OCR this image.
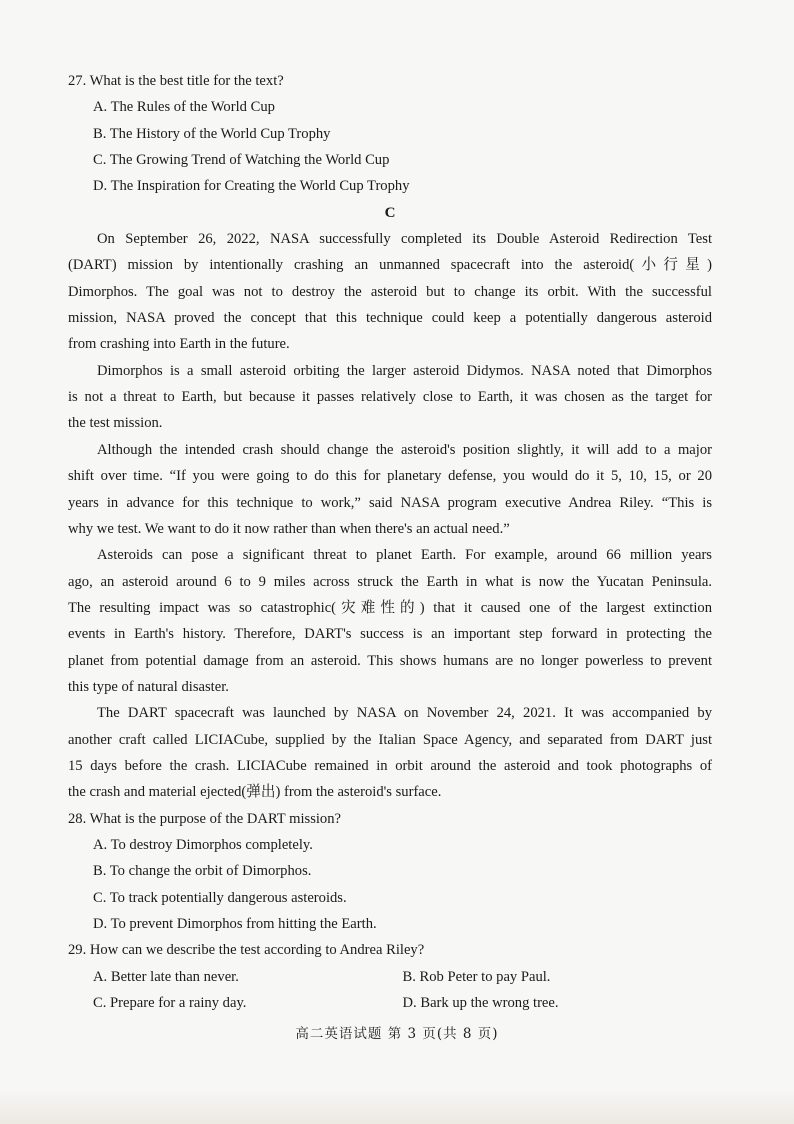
27. What is the best title for the text?
A. The Rules of the World Cup
B. The History of the World Cup Trophy
C. The Growing Trend of Watching the World Cup
D. The Inspiration for Creating the World Cup Trophy
C
On September 26, 2022, NASA successfully completed its Double Asteroid Redirection Test
(DART) mission by intentionally crashing an unmanned spacecraft into the asteroid(小行星)
Dimorphos. The goal was not to destroy the asteroid but to change its orbit. With the successful
mission, NASA proved the concept that this technique could keep a potentially dangerous asteroid
from crashing into Earth in the future.
Dimorphos is a small asteroid orbiting the larger asteroid Didymos. NASA noted that Dimorphos
is not a threat to Earth, but because it passes relatively close to Earth, it was chosen as the target for
the test mission.
Although the intended crash should change the asteroid's position slightly, it will add to a major
shift over time. “If you were going to do this for planetary defense, you would do it 5, 10, 15, or 20
years in advance for this technique to work,” said NASA program executive Andrea Riley. “This is
why we test. We want to do it now rather than when there's an actual need.”
Asteroids can pose a significant threat to planet Earth. For example, around 66 million years
ago, an asteroid around 6 to 9 miles across struck the Earth in what is now the Yucatan Peninsula.
The resulting impact was so catastrophic(灾难性的) that it caused one of the largest extinction
events in Earth's history. Therefore, DART's success is an important step forward in protecting the
planet from potential damage from an asteroid. This shows humans are no longer powerless to prevent
this type of natural disaster.
The DART spacecraft was launched by NASA on November 24, 2021. It was accompanied by
another craft called LICIACube, supplied by the Italian Space Agency, and separated from DART just
15 days before the crash. LICIACube remained in orbit around the asteroid and took photographs of
the crash and material ejected(弹出) from the asteroid's surface.
28. What is the purpose of the DART mission?
A. To destroy Dimorphos completely.
B. To change the orbit of Dimorphos.
C. To track potentially dangerous asteroids.
D. To prevent Dimorphos from hitting the Earth.
29. How can we describe the test according to Andrea Riley?
A. Better late than never.	B. Rob Peter to pay Paul.
C. Prepare for a rainy day.	D. Bark up the wrong tree.
高二英语试题 第 3 页(共 8 页)
